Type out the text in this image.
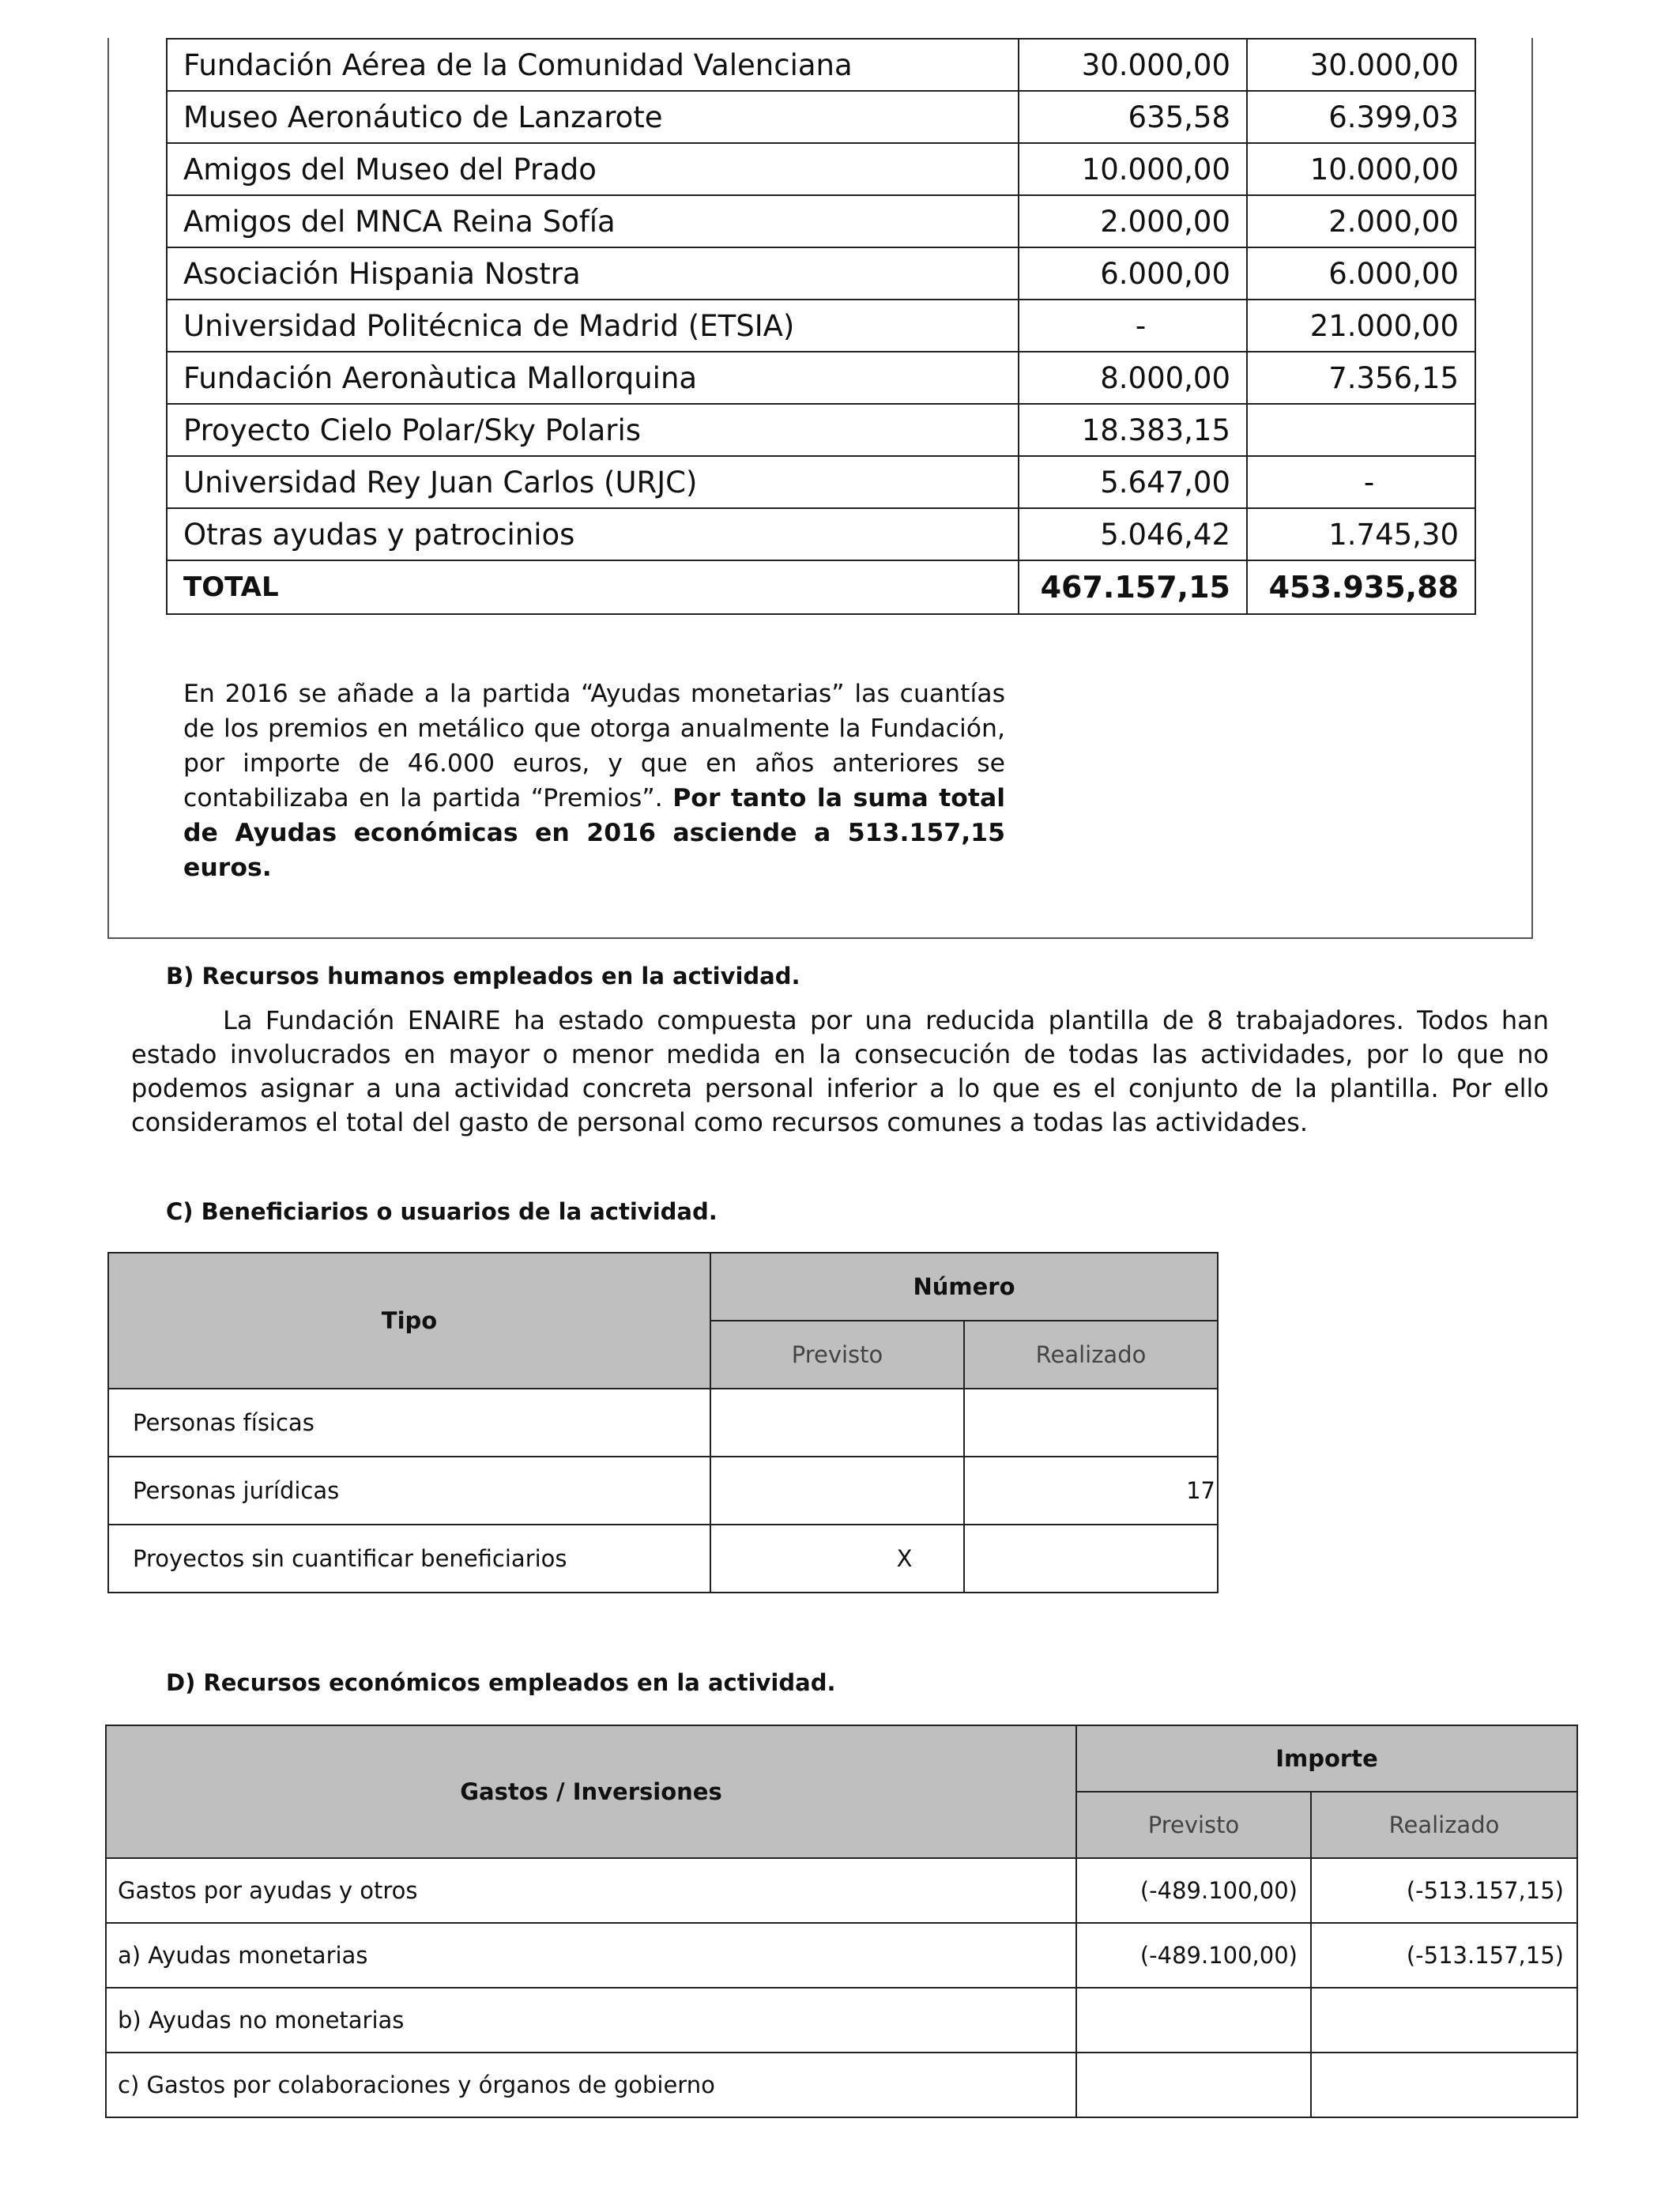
Fundación Aérea de la Comunidad Valenciana	30.000,00	30.000,00
Museo Aeronáutico de Lanzarote	635,58	6.399,03
Amigos del Museo del Prado	10.000,00	10.000,00
Amigos del MNCA Reina Sofía	2.000,00	2.000,00
Asociación Hispania Nostra	6.000,00	6.000,00
Universidad Politécnica de Madrid (ETSIA)	-	21.000,00
Fundación Aeronàutica Mallorquina	8.000,00	7.356,15
Proyecto Cielo Polar/Sky Polaris	18.383,15	
Universidad Rey Juan Carlos (URJC)	5.647,00	-
Otras ayudas y patrocinios	5.046,42	1.745,30
TOTAL	467.157,15	453.935,88
En 2016 se añade a la partida “Ayudas monetarias” las cuantías de los premios en metálico que otorga anualmente la Fundación, por importe de 46.000 euros, y que en años anteriores se contabilizaba en la partida “Premios”. Por tanto la suma total de Ayudas económicas en 2016 asciende a 513.157,15 euros.
B) Recursos humanos empleados en la actividad.
La Fundación ENAIRE ha estado compuesta por una reducida plantilla de 8 trabajadores. Todos han estado involucrados en mayor o menor medida en la consecución de todas las actividades, por lo que no podemos asignar a una actividad concreta personal inferior a lo que es el conjunto de la plantilla. Por ello consideramos el total del gasto de personal como recursos comunes a todas las actividades.
C) Beneficiarios o usuarios de la actividad.
Tipo	Número	
	Previsto	Realizado
Personas físicas		
Personas jurídicas		17
Proyectos sin cuantificar beneficiarios	X	
D) Recursos económicos empleados en la actividad.
Gastos / Inversiones	Importe	
	Previsto	Realizado
Gastos por ayudas y otros	(-489.100,00)	(-513.157,15)
a) Ayudas monetarias	(-489.100,00)	(-513.157,15)
b) Ayudas no monetarias		
c) Gastos por colaboraciones y órganos de gobierno		
